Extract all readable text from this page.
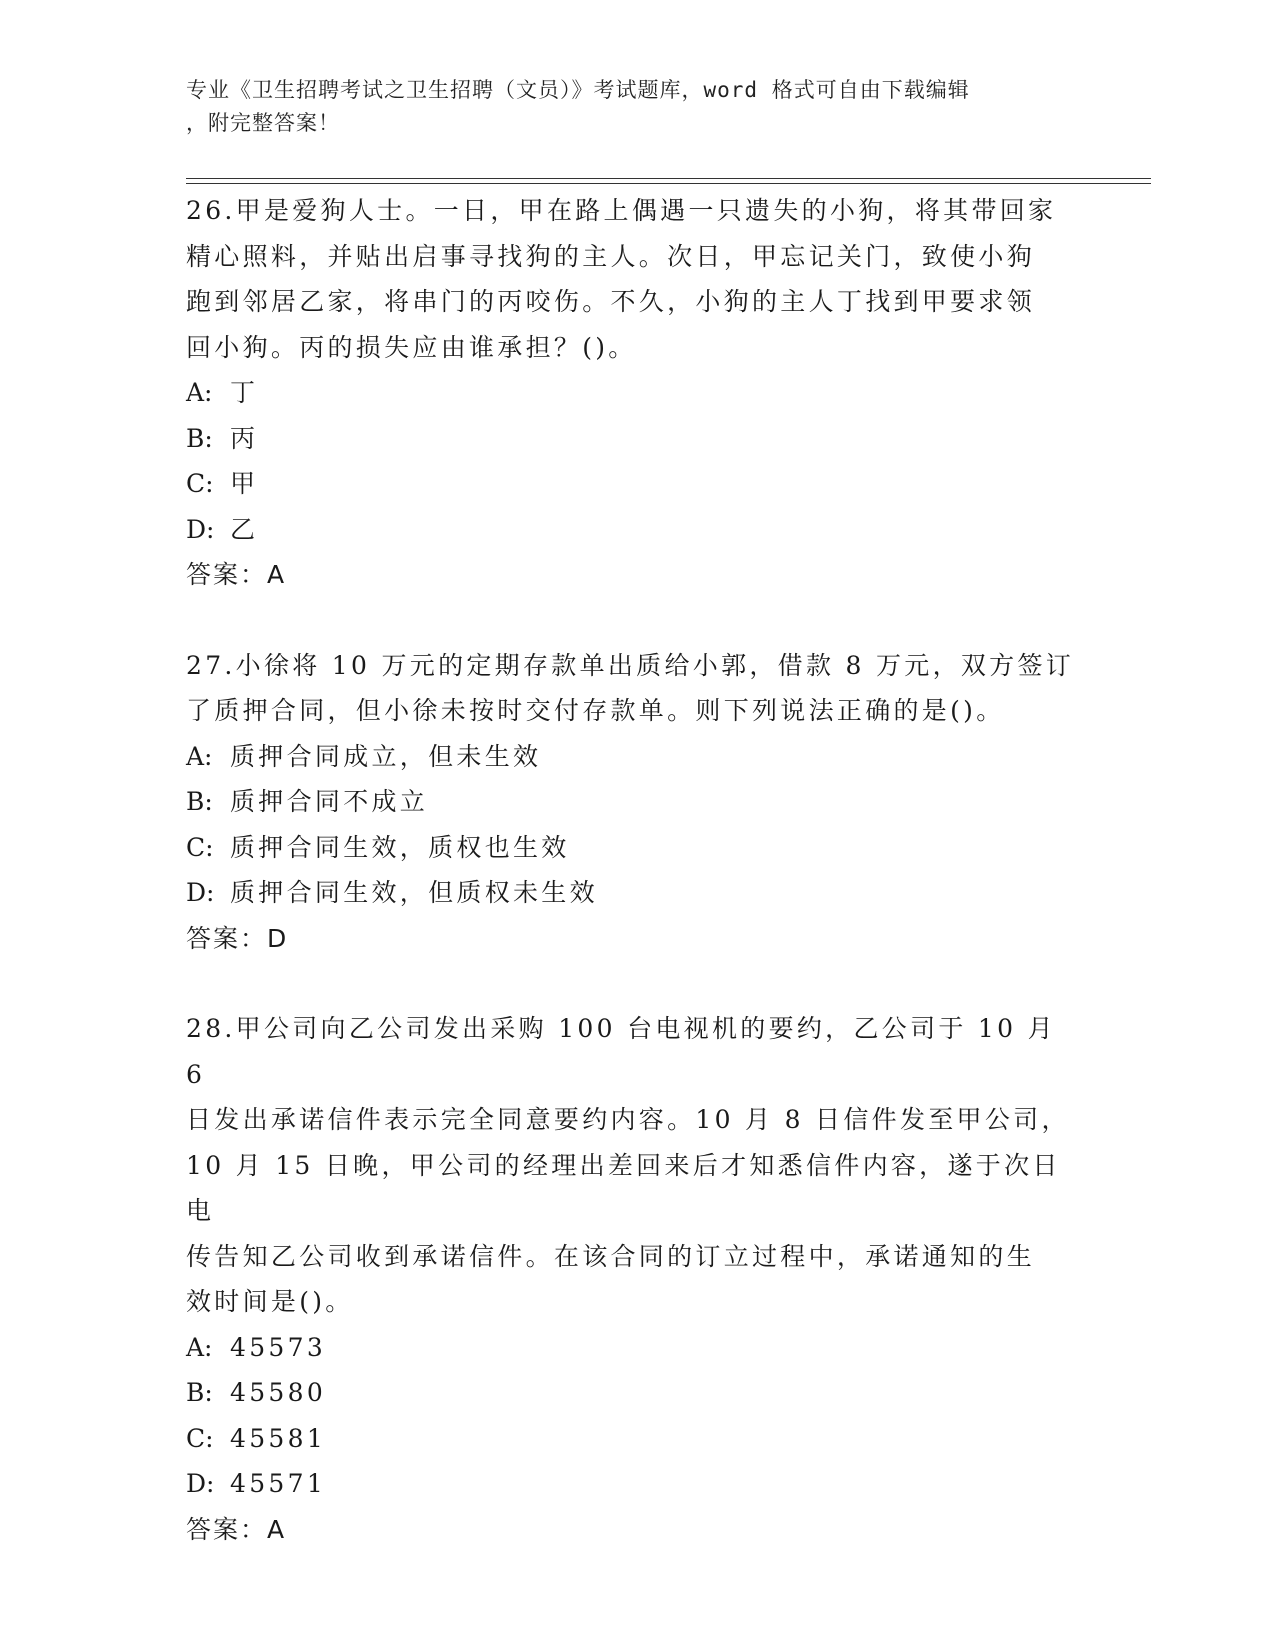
专业《卫生招聘考试之卫生招聘（文员）》考试题库，word 格式可自由下载编辑
，附完整答案！

26.甲是爱狗人士。一日，甲在路上偶遇一只遗失的小狗，将其带回家

精心照料，并贴出启事寻找狗的主人。次日，甲忘记关门，致使小狗

跑到邻居乙家，将串门的丙咬伤。不久，小狗的主人丁找到甲要求领

回小狗。丙的损失应由谁承担？()。

A: 丁

B: 丙

C: 甲

D: 乙

答案：A

27.小徐将 10 万元的定期存款单出质给小郭，借款 8 万元，双方签订

了质押合同，但小徐未按时交付存款单。则下列说法正确的是()。

A: 质押合同成立，但未生效

B: 质押合同不成立

C: 质押合同生效，质权也生效

D: 质押合同生效，但质权未生效

答案：D

28.甲公司向乙公司发出采购 100 台电视机的要约，乙公司于 10 月 6

日发出承诺信件表示完全同意要约内容。10 月 8 日信件发至甲公司，

10 月 15 日晚，甲公司的经理出差回来后才知悉信件内容，遂于次日电

传告知乙公司收到承诺信件。在该合同的订立过程中，承诺通知的生

效时间是()。

A: 45573

B: 45580

C: 45581

D: 45571

答案：A
